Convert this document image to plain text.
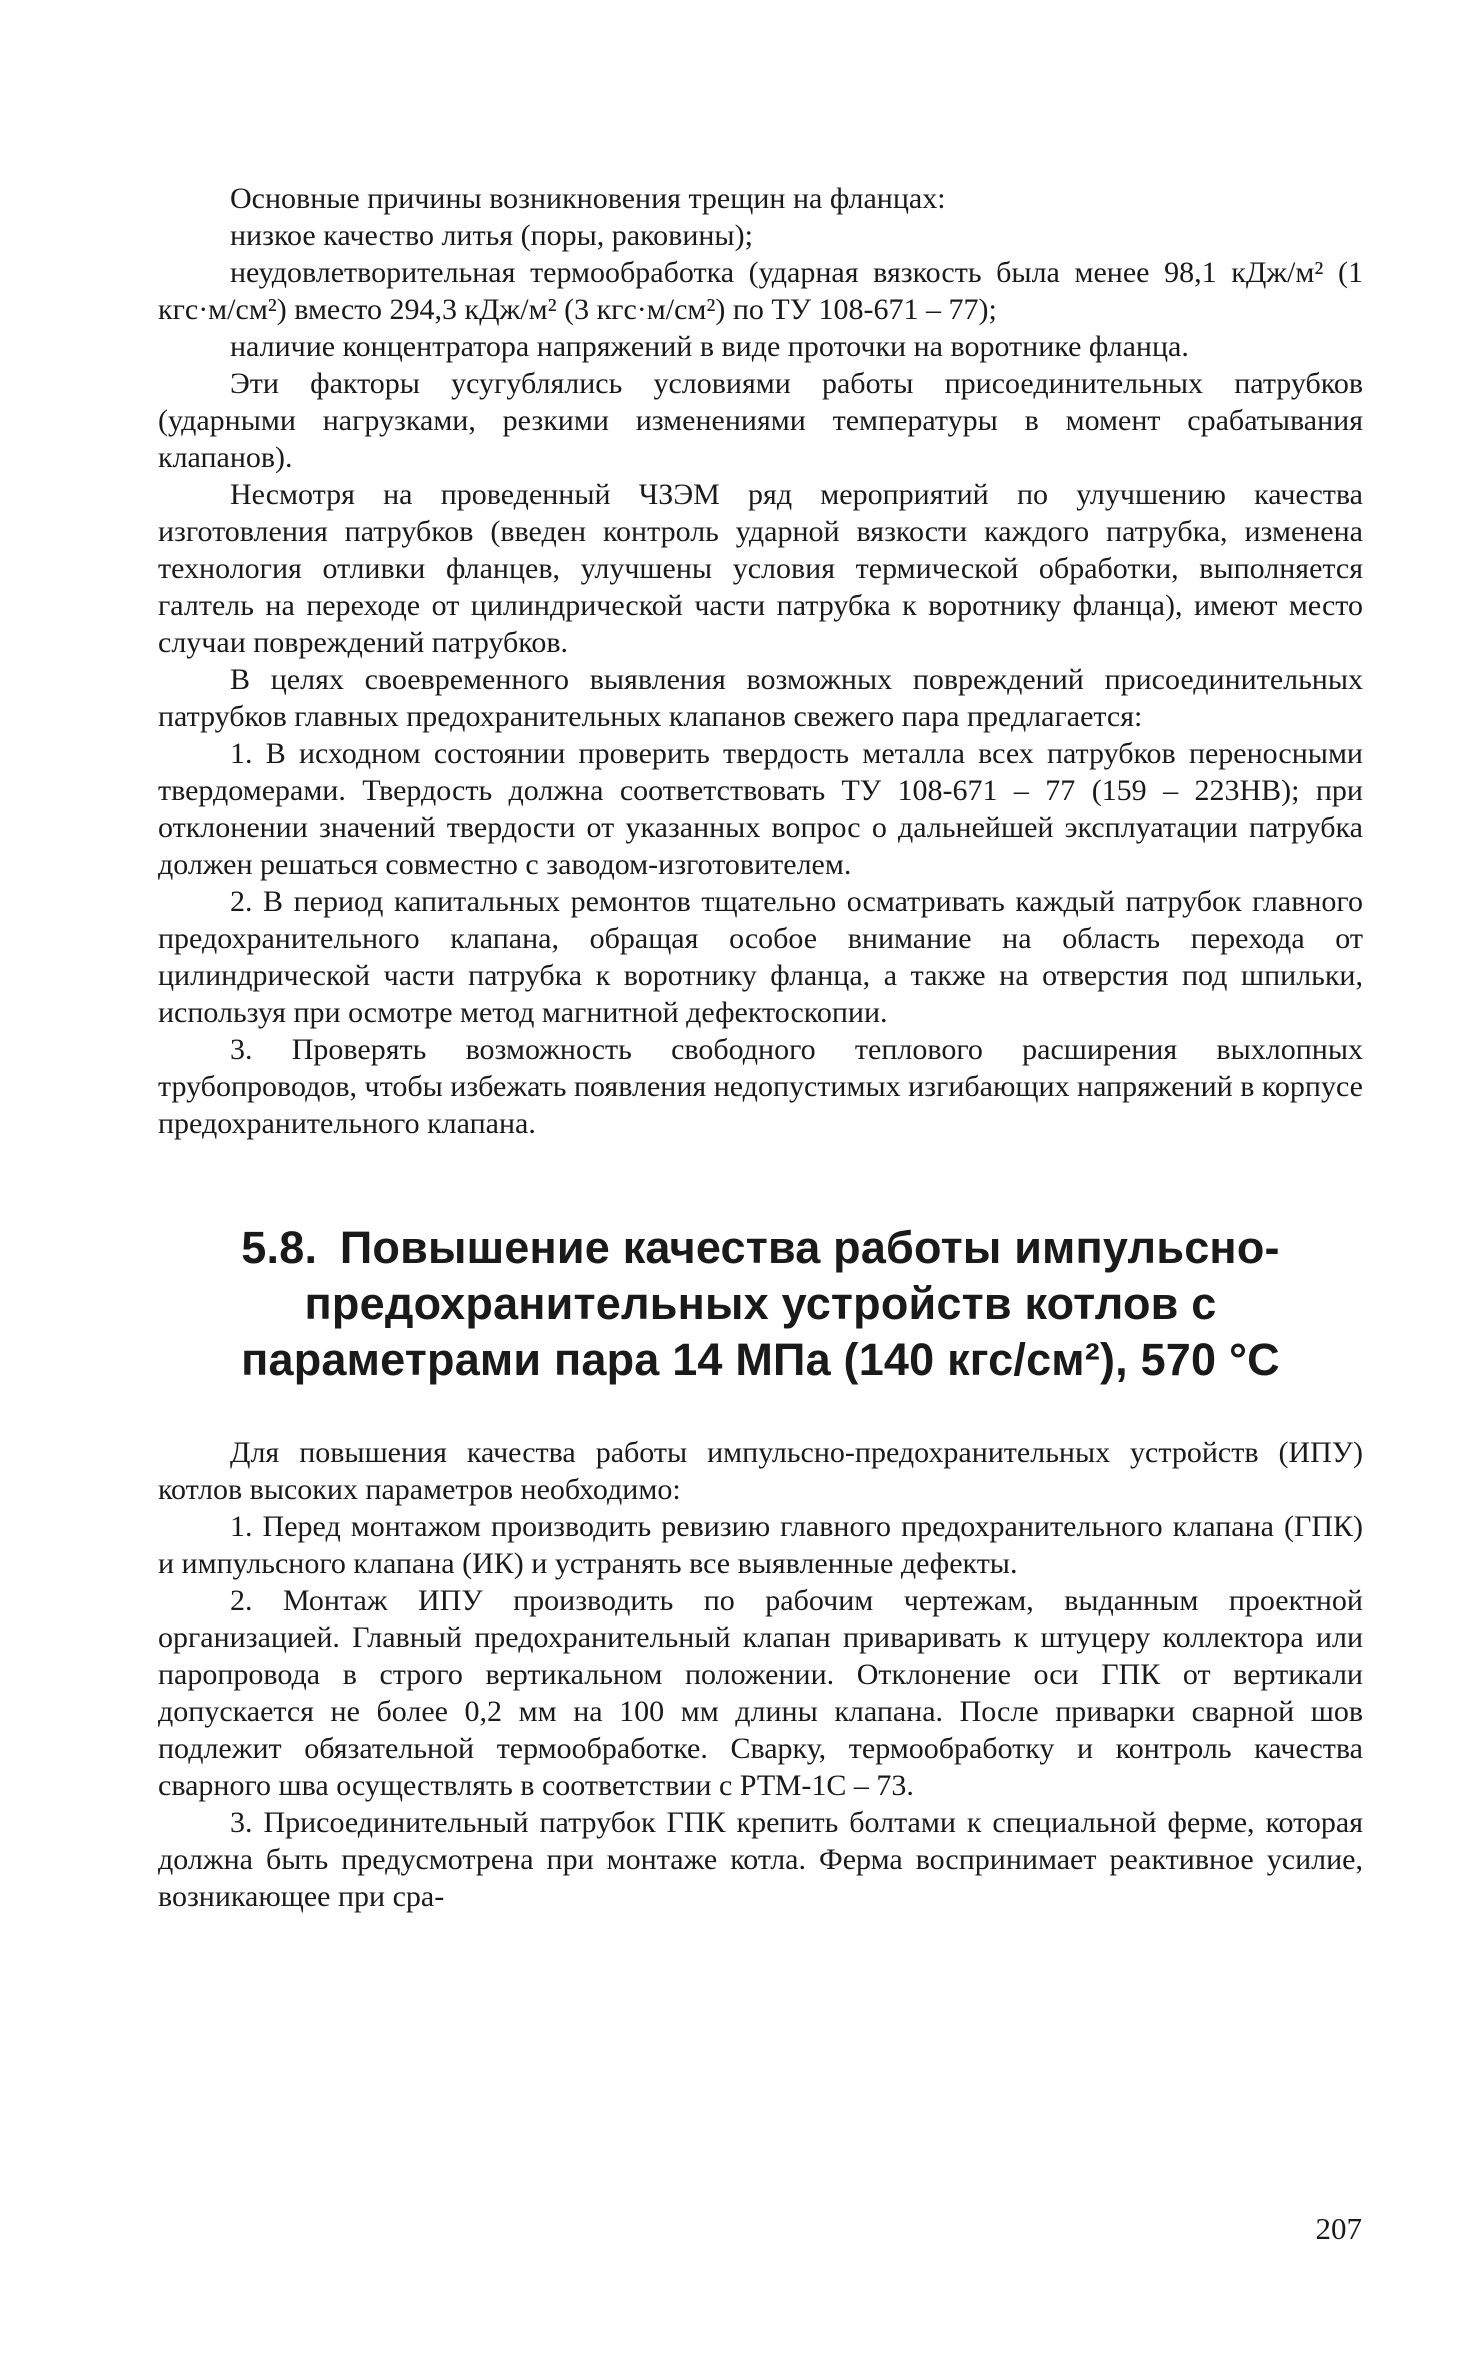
Основные причины возникновения трещин на фланцах:

низкое качество литья (поры, раковины);

неудовлетворительная термообработка (ударная вязкость была менее 98,1 кДж/м² (1 кгс·м/см²) вместо 294,3 кДж/м² (3 кгс·м/см²) по ТУ 108-671 – 77);

наличие концентратора напряжений в виде проточки на воротнике фланца.

Эти факторы усугублялись условиями работы присоединительных патрубков (ударными нагрузками, резкими изменениями температуры в момент срабатывания клапанов).

Несмотря на проведенный ЧЗЭМ ряд мероприятий по улучшению качества изготовления патрубков (введен контроль ударной вязкости каждого патрубка, изменена технология отливки фланцев, улучшены условия термической обработки, выполняется галтель на переходе от цилиндрической части патрубка к воротнику фланца), имеют место случаи повреждений патрубков.

В целях своевременного выявления возможных повреждений присоединительных патрубков главных предохранительных клапанов свежего пара предлагается:

1. В исходном состоянии проверить твердость металла всех патрубков переносными твердомерами. Твердость должна соответствовать ТУ 108-671 – 77 (159 – 223НВ); при отклонении значений твердости от указанных вопрос о дальнейшей эксплуатации патрубка должен решаться совместно с заводом-изготовителем.

2. В период капитальных ремонтов тщательно осматривать каждый патрубок главного предохранительного клапана, обращая особое внимание на область перехода от цилиндрической части патрубка к воротнику фланца, а также на отверстия под шпильки, используя при осмотре метод магнитной дефектоскопии.

3. Проверять возможность свободного теплового расширения выхлопных трубопроводов, чтобы избежать появления недопустимых изгибающих напряжений в корпусе предохранительного клапана.

5.8. Повышение качества работы импульсно-предохранительных устройств котлов с параметрами пара 14 МПа (140 кгс/см²), 570 °С

Для повышения качества работы импульсно-предохранительных устройств (ИПУ) котлов высоких параметров необходимо:

1. Перед монтажом производить ревизию главного предохранительного клапана (ГПК) и импульсного клапана (ИК) и устранять все выявленные дефекты.

2. Монтаж ИПУ производить по рабочим чертежам, выданным проектной организацией. Главный предохранительный клапан приваривать к штуцеру коллектора или паропровода в строго вертикальном положении. Отклонение оси ГПК от вертикали допускается не более 0,2 мм на 100 мм длины клапана. После приварки сварной шов подлежит обязательной термообработке. Сварку, термообработку и контроль качества сварного шва осуществлять в соответствии с РТМ-1С – 73.

3. Присоединительный патрубок ГПК крепить болтами к специальной ферме, которая должна быть предусмотрена при монтаже котла. Ферма воспринимает реактивное усилие, возникающее при сра-

207
